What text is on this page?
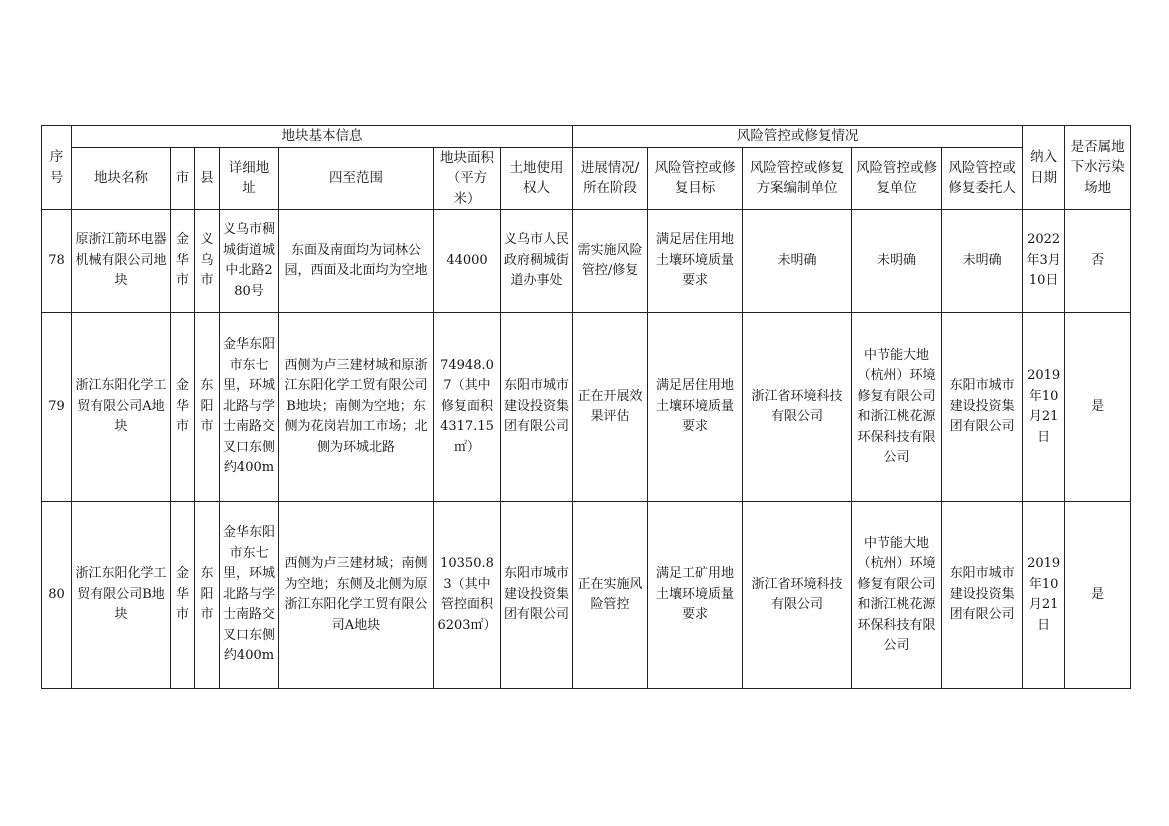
序号	地块基本信息							风险管控或修复情况					纳入日期	是否属地下水污染场地
	地块名称	市	县	详细地址	四至范围	地块面积（平方米）	土地使用权人	进展情况/所在阶段	风险管控或修复目标	风险管控或修复方案编制单位	风险管控或修复单位	风险管控或修复委托人		
78	原浙江箭环电器机械有限公司地块	金华市	义乌市	义乌市稠城街道城中北路280号	东面及南面均为词林公园，西面及北面均为空地	44000	义乌市人民政府稠城街道办事处	需实施风险管控/修复	满足居住用地土壤环境质量要求	未明确	未明确	未明确	2022年3月10日	否
79	浙江东阳化学工贸有限公司A地块	金华市	东阳市	金华东阳市东七里，环城北路与学士南路交叉口东侧约400m	西侧为卢三建材城和原浙江东阳化学工贸有限公司B地块；南侧为空地；东侧为花岗岩加工市场；北侧为环城北路	74948.07（其中修复面积4317.15㎡）	东阳市城市建设投资集团有限公司	正在开展效果评估	满足居住用地土壤环境质量要求	浙江省环境科技有限公司	中节能大地（杭州）环境修复有限公司和浙江桃花源环保科技有限公司	东阳市城市建设投资集团有限公司	2019年10月21日	是
80	浙江东阳化学工贸有限公司B地块	金华市	东阳市	金华东阳市东七里，环城北路与学士南路交叉口东侧约400m	西侧为卢三建材城；南侧为空地；东侧及北侧为原浙江东阳化学工贸有限公司A地块	10350.83（其中管控面积6203㎡）	东阳市城市建设投资集团有限公司	正在实施风险管控	满足工矿用地土壤环境质量要求	浙江省环境科技有限公司	中节能大地（杭州）环境修复有限公司和浙江桃花源环保科技有限公司	东阳市城市建设投资集团有限公司	2019年10月21日	是
